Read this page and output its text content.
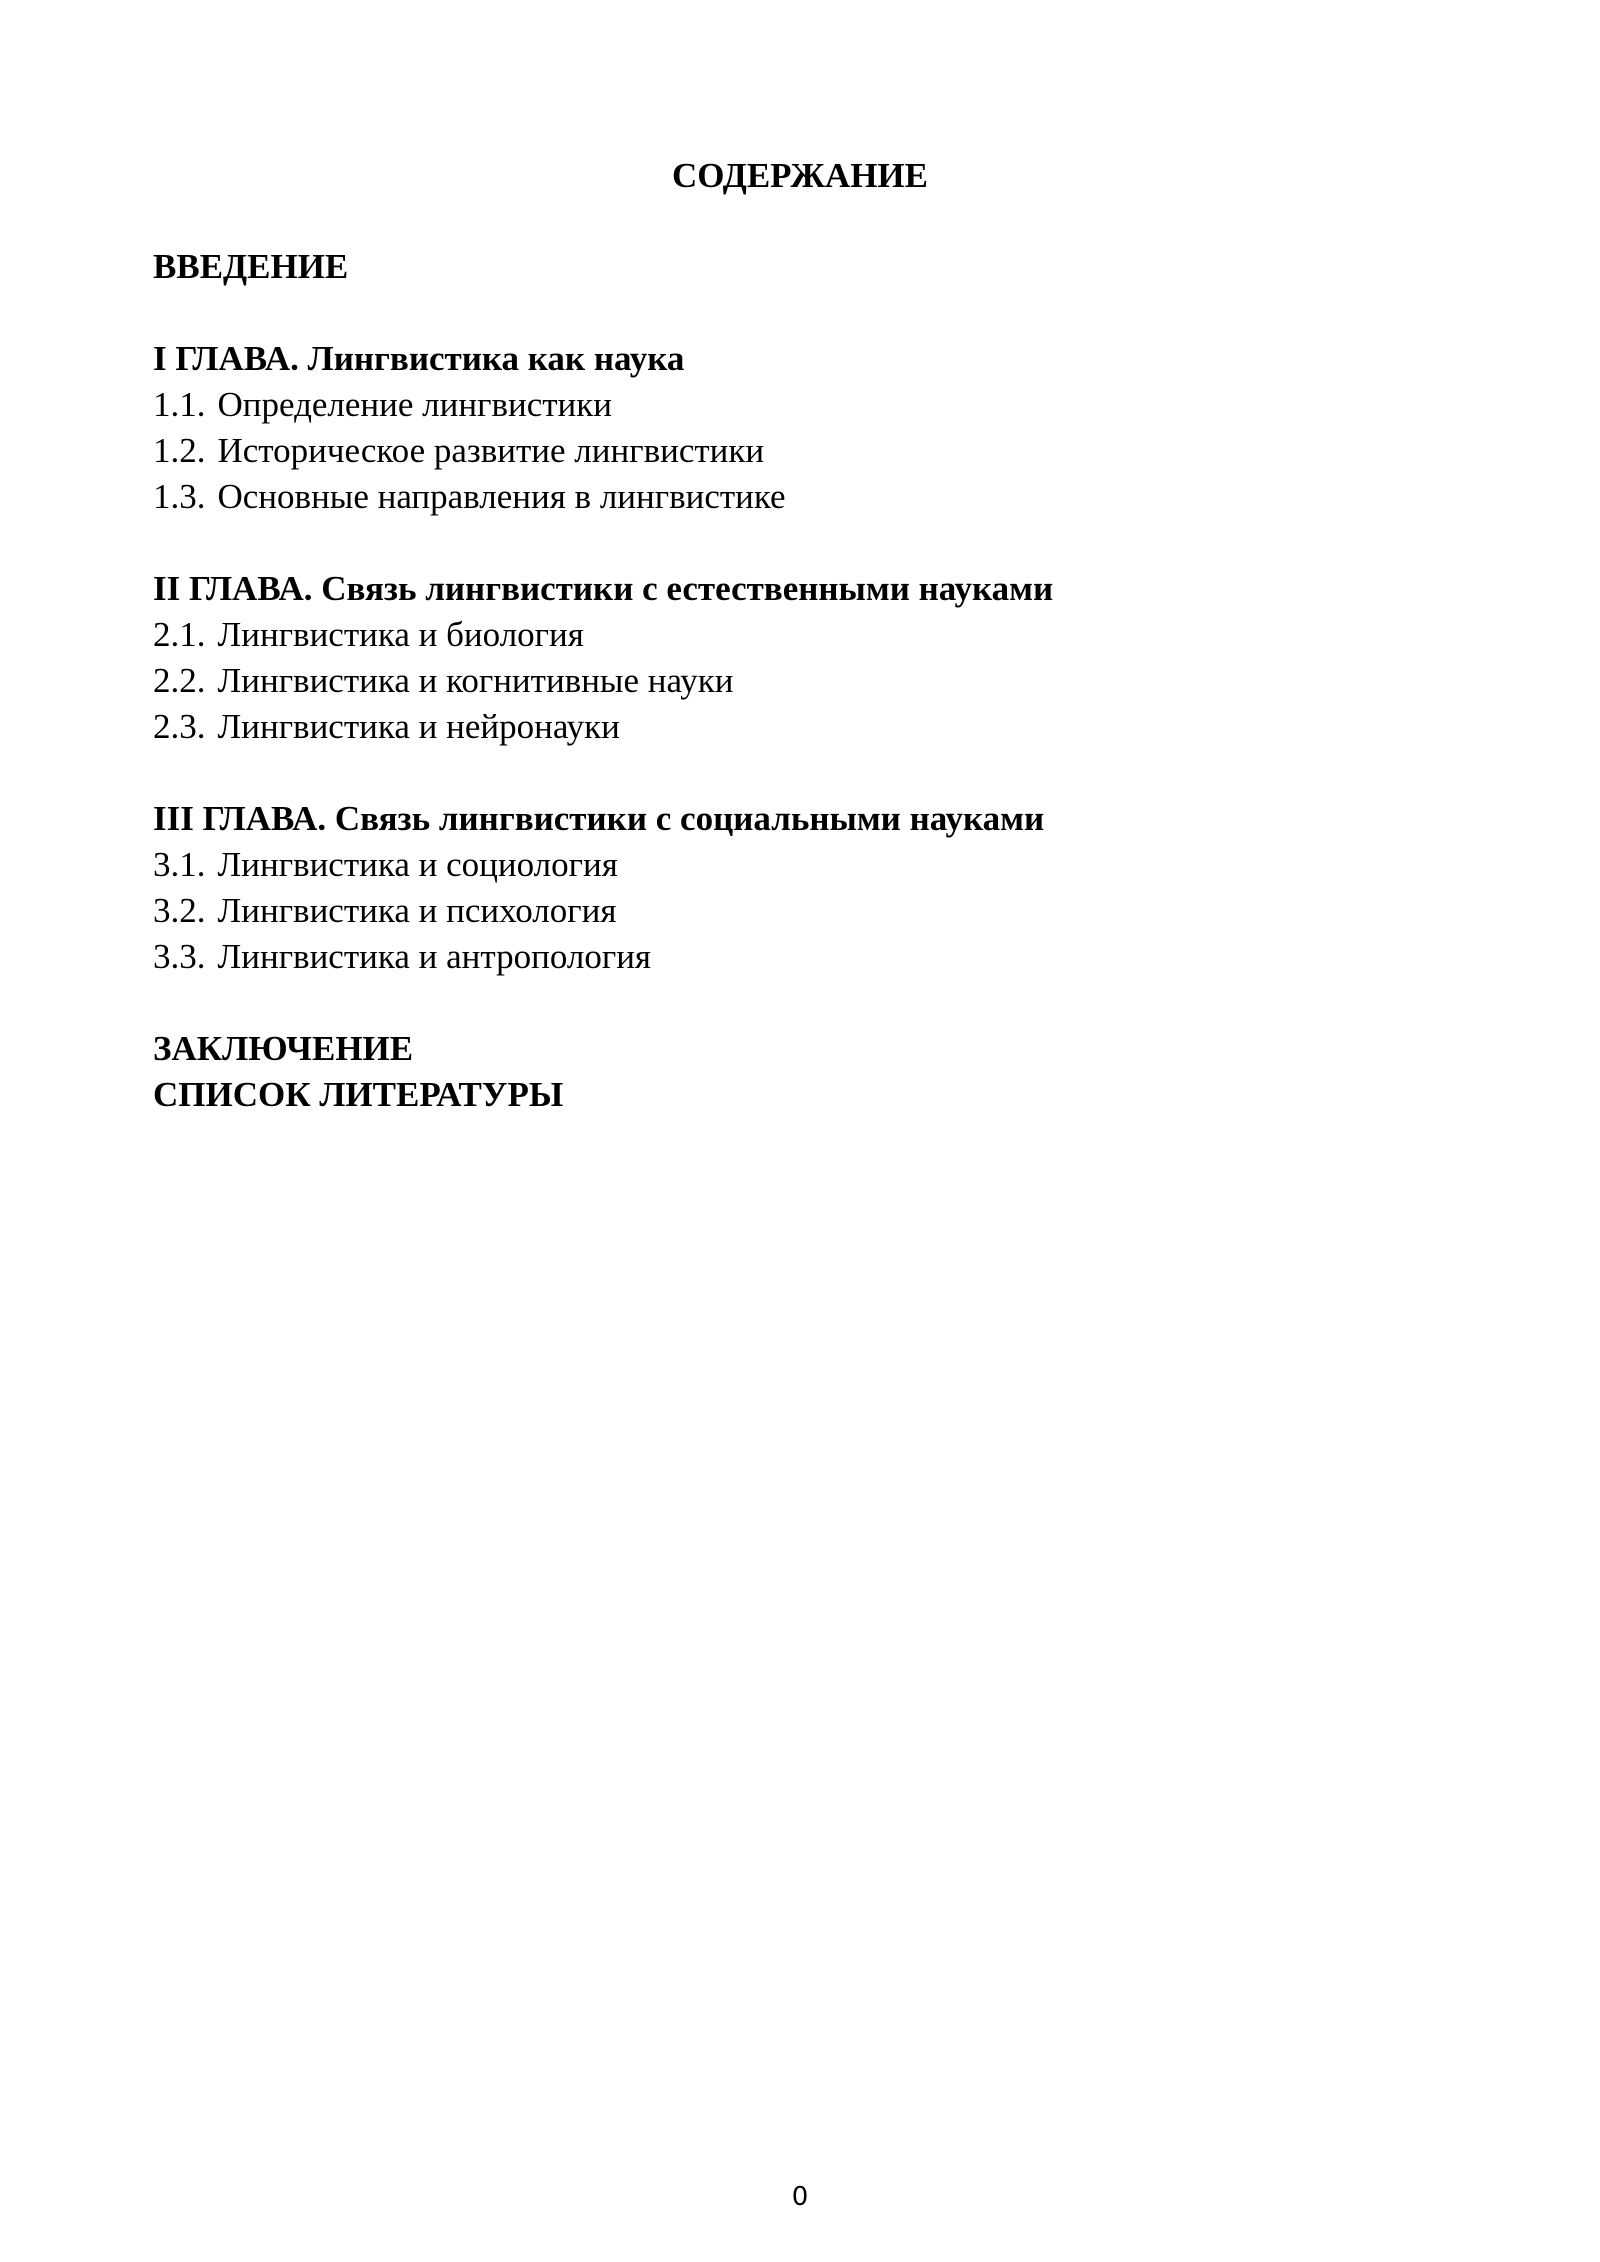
СОДЕРЖАНИЕ

ВВЕДЕНИЕ

I ГЛАВА. Лингвистика как наука

1.1. Определение лингвистики

1.2. Историческое развитие лингвистики

1.3. Основные направления в лингвистике

II ГЛАВА. Связь лингвистики с естественными науками

2.1. Лингвистика и биология

2.2. Лингвистика и когнитивные науки

2.3. Лингвистика и нейронауки

III ГЛАВА. Связь лингвистики с социальными науками

3.1. Лингвистика и социология

3.2. Лингвистика и психология

3.3. Лингвистика и антропология

ЗАКЛЮЧЕНИЕ

СПИСОК ЛИТЕРАТУРЫ

0
